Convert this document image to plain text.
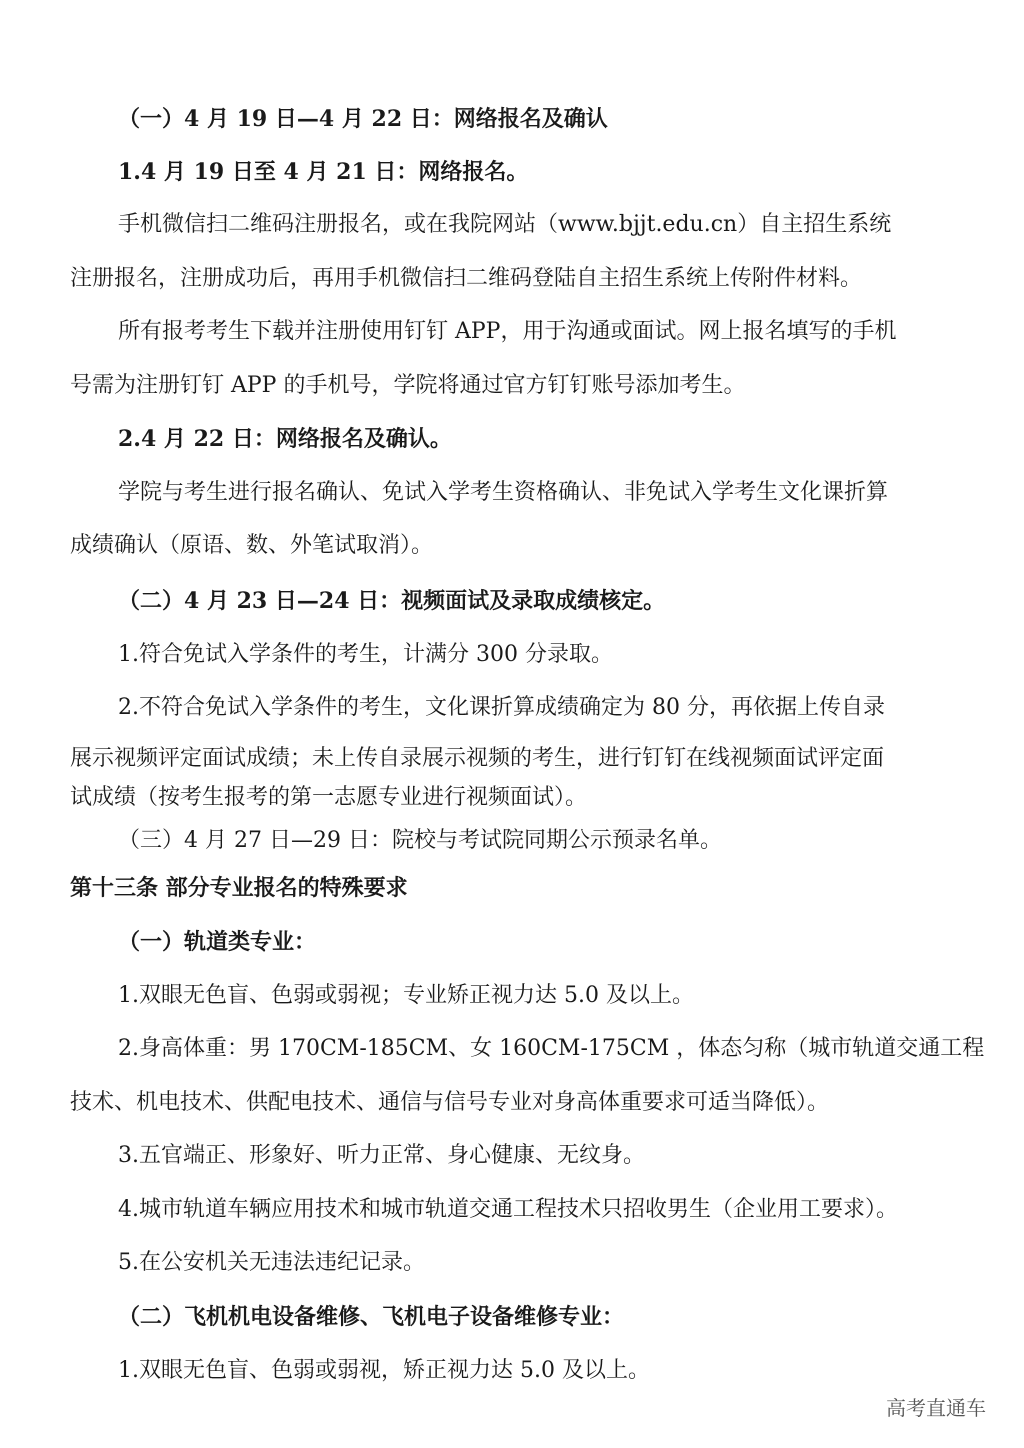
（一）4 月 19 日—4 月 22 日：网络报名及确认
1.4 月 19 日至 4 月 21 日：网络报名。
手机微信扫二维码注册报名，或在我院网站（www.bjjt.edu.cn）自主招生系统
注册报名，注册成功后，再用手机微信扫二维码登陆自主招生系统上传附件材料。
所有报考考生下载并注册使用钉钉 APP，用于沟通或面试。网上报名填写的手机
号需为注册钉钉 APP 的手机号，学院将通过官方钉钉账号添加考生。
2.4 月 22 日：网络报名及确认。
学院与考生进行报名确认、免试入学考生资格确认、非免试入学考生文化课折算
成绩确认（原语、数、外笔试取消）。
（二）4 月 23 日—24 日：视频面试及录取成绩核定。
1.符合免试入学条件的考生，计满分 300 分录取。
2.不符合免试入学条件的考生，文化课折算成绩确定为 80 分，再依据上传自录
展示视频评定面试成绩；未上传自录展示视频的考生，进行钉钉在线视频面试评定面
试成绩（按考生报考的第一志愿专业进行视频面试）。
（三）4 月 27 日—29 日：院校与考试院同期公示预录名单。
第十三条 部分专业报名的特殊要求
（一）轨道类专业：
1.双眼无色盲、色弱或弱视；专业矫正视力达 5.0 及以上。
2.身高体重：男 170CM-185CM、女 160CM-175CM ，体态匀称（城市轨道交通工程
技术、机电技术、供配电技术、通信与信号专业对身高体重要求可适当降低）。
3.五官端正、形象好、听力正常、身心健康、无纹身。
4.城市轨道车辆应用技术和城市轨道交通工程技术只招收男生（企业用工要求）。
5.在公安机关无违法违纪记录。
（二）飞机机电设备维修、飞机电子设备维修专业：
1.双眼无色盲、色弱或弱视，矫正视力达 5.0 及以上。
高考直通车
